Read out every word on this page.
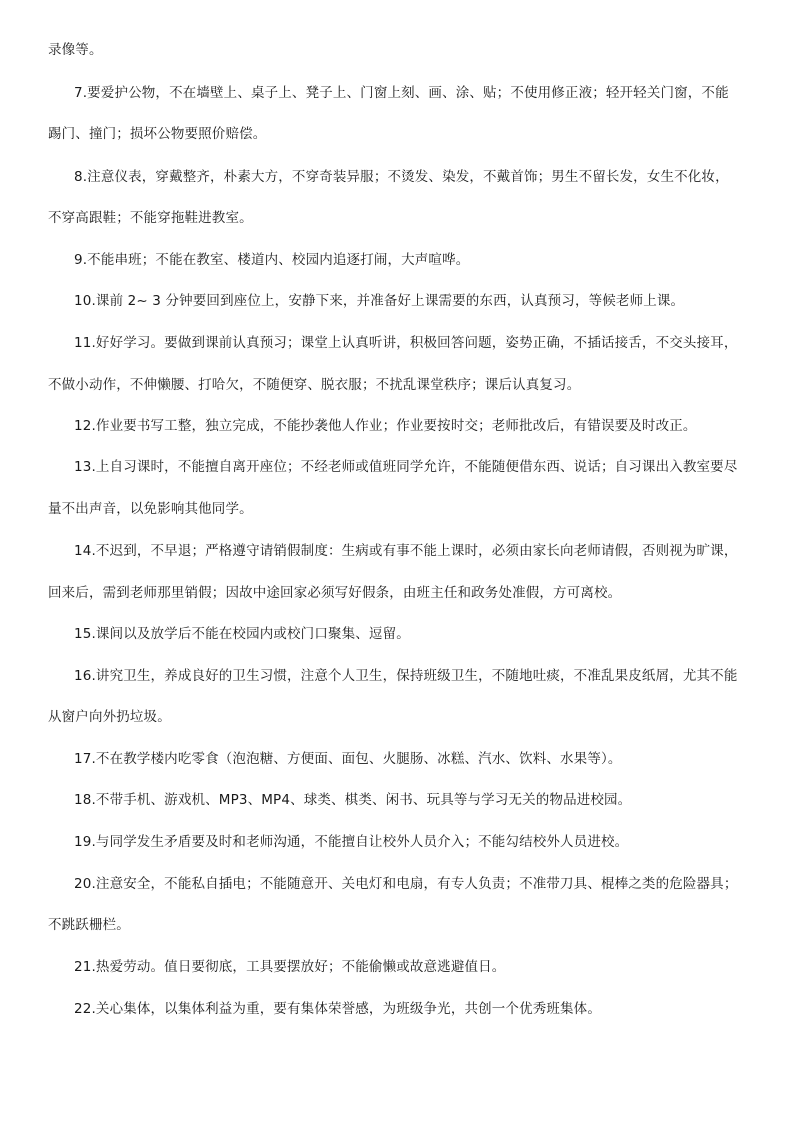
录像等。
7.要爱护公物，不在墙壁上、桌子上、凳子上、门窗上刻、画、涂、贴；不使用修正液；轻开轻关门窗，不能
踢门、撞门；损坏公物要照价赔偿。
8.注意仪表，穿戴整齐，朴素大方，不穿奇装异服；不烫发、染发，不戴首饰；男生不留长发，女生不化妆，
不穿高跟鞋；不能穿拖鞋进教室。
9.不能串班；不能在教室、楼道内、校园内追逐打闹，大声喧哗。
10.课前 2~ 3 分钟要回到座位上，安静下来，并准备好上课需要的东西，认真预习，等候老师上课。
11.好好学习。要做到课前认真预习；课堂上认真听讲，积极回答问题，姿势正确，不插话接舌，不交头接耳，
不做小动作，不伸懒腰、打哈欠，不随便穿、脱衣服；不扰乱课堂秩序；课后认真复习。
12.作业要书写工整，独立完成，不能抄袭他人作业；作业要按时交；老师批改后，有错误要及时改正。
13.上自习课时，不能擅自离开座位；不经老师或值班同学允许，不能随便借东西、说话；自习课出入教室要尽
量不出声音，以免影响其他同学。
14.不迟到，不早退；严格遵守请销假制度：生病或有事不能上课时，必须由家长向老师请假，否则视为旷课，
回来后，需到老师那里销假；因故中途回家必须写好假条，由班主任和政务处准假，方可离校。
15.课间以及放学后不能在校园内或校门口聚集、逗留。
16.讲究卫生，养成良好的卫生习惯，注意个人卫生，保持班级卫生，不随地吐痰，不准乱果皮纸屑，尤其不能
从窗户向外扔垃圾。
17.不在教学楼内吃零食（泡泡糖、方便面、面包、火腿肠、冰糕、汽水、饮料、水果等）。
18.不带手机、游戏机、MP3、MP4、球类、棋类、闲书、玩具等与学习无关的物品进校园。
19.与同学发生矛盾要及时和老师沟通，不能擅自让校外人员介入；不能勾结校外人员进校。
20.注意安全，不能私自插电；不能随意开、关电灯和电扇，有专人负责；不准带刀具、棍棒之类的危险器具；
不跳跃栅栏。
21.热爱劳动。值日要彻底，工具要摆放好；不能偷懒或故意逃避值日。
22.关心集体，以集体利益为重，要有集体荣誉感，为班级争光，共创一个优秀班集体。
